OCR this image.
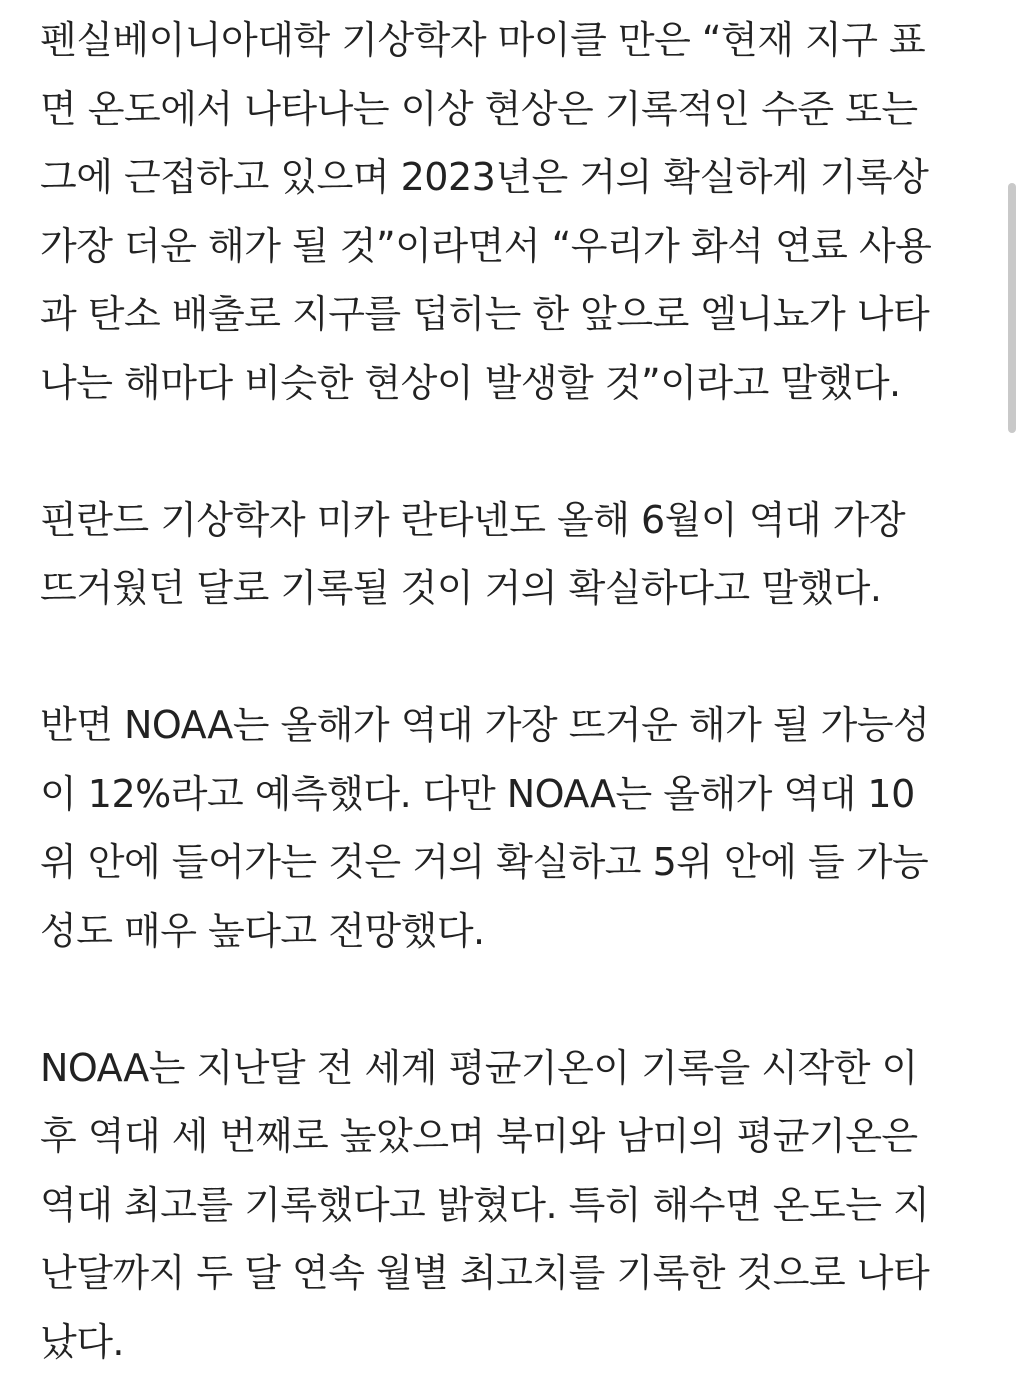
펜실베이니아대학 기상학자 마이클 만은 “현재 지구 표
면 온도에서 나타나는 이상 현상은 기록적인 수준 또는
그에 근접하고 있으며 2023년은 거의 확실하게 기록상
가장 더운 해가 될 것”이라면서 “우리가 화석 연료 사용
과 탄소 배출로 지구를 덥히는 한 앞으로 엘니뇨가 나타
나는 해마다 비슷한 현상이 발생할 것”이라고 말했다.

핀란드 기상학자 미카 란타넨도 올해 6월이 역대 가장
뜨거웠던 달로 기록될 것이 거의 확실하다고 말했다.

반면 NOAA는 올해가 역대 가장 뜨거운 해가 될 가능성
이 12%라고 예측했다. 다만 NOAA는 올해가 역대 10
위 안에 들어가는 것은 거의 확실하고 5위 안에 들 가능
성도 매우 높다고 전망했다.

NOAA는 지난달 전 세계 평균기온이 기록을 시작한 이
후 역대 세 번째로 높았으며 북미와 남미의 평균기온은
역대 최고를 기록했다고 밝혔다. 특히 해수면 온도는 지
난달까지 두 달 연속 월별 최고치를 기록한 것으로 나타
났다.
